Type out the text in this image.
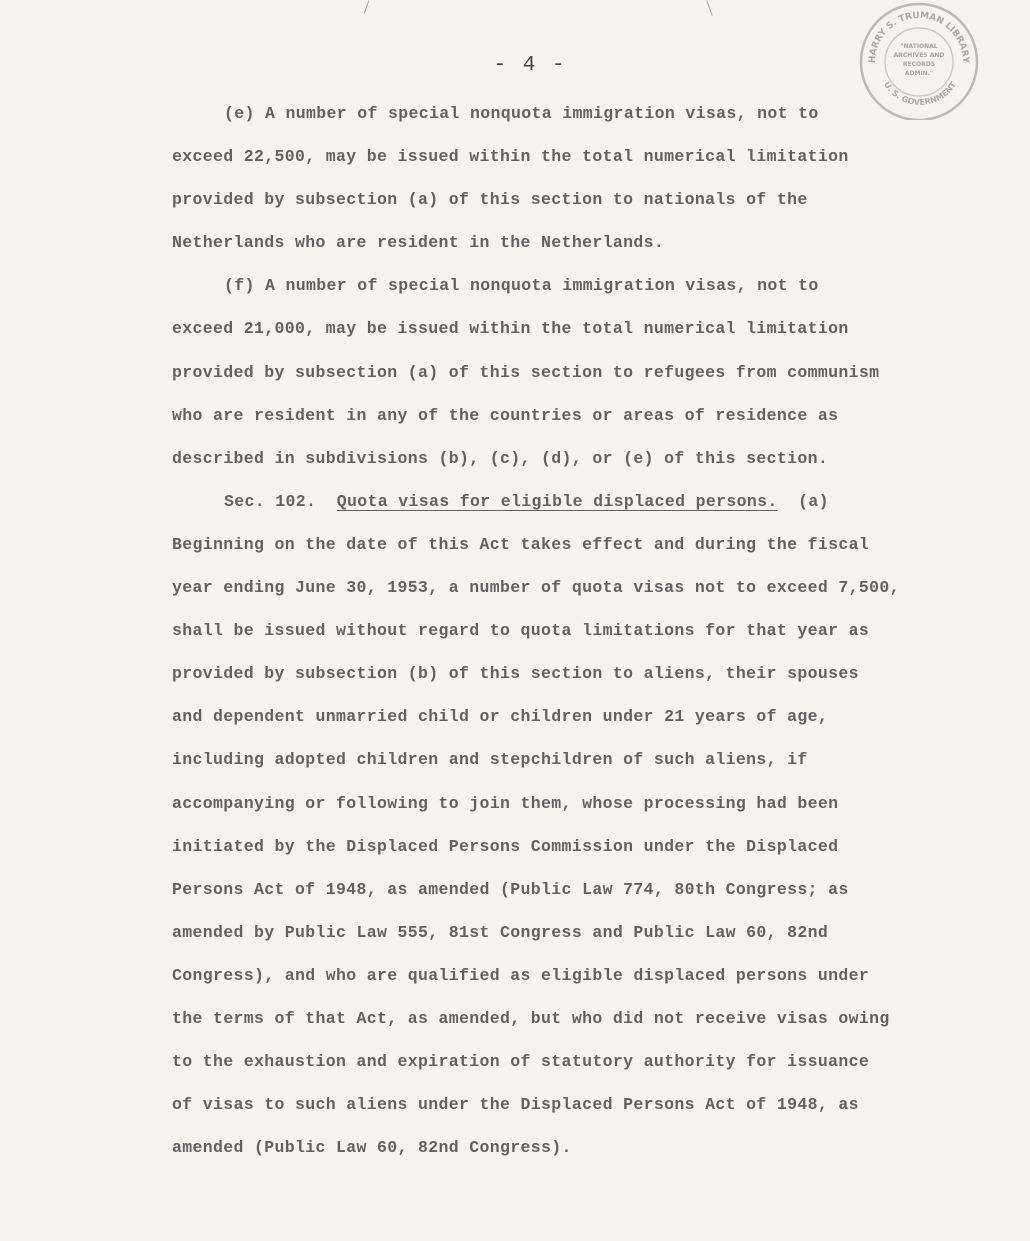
HARRY S. TRUMAN LIBRARY
U. S. GOVERNMENT
"NATIONAL
ARCHIVES AND
RECORDS
ADMIN."
- 4 -
(e) A number of special nonquota immigration visas, not to
exceed 22,500, may be issued within the total numerical limitation
provided by subsection (a) of this section to nationals of the
Netherlands who are resident in the Netherlands.
(f) A number of special nonquota immigration visas, not to
exceed 21,000, may be issued within the total numerical limitation
provided by subsection (a) of this section to refugees from communism
who are resident in any of the countries or areas of residence as
described in subdivisions (b), (c), (d), or (e) of this section.
Sec. 102.  Quota visas for eligible displaced persons.  (a)
Beginning on the date of this Act takes effect and during the fiscal
year ending June 30, 1953, a number of quota visas not to exceed 7,500,
shall be issued without regard to quota limitations for that year as
provided by subsection (b) of this section to aliens, their spouses
and dependent unmarried child or children under 21 years of age,
including adopted children and stepchildren of such aliens, if
accompanying or following to join them, whose processing had been
initiated by the Displaced Persons Commission under the Displaced
Persons Act of 1948, as amended (Public Law 774, 80th Congress; as
amended by Public Law 555, 81st Congress and Public Law 60, 82nd
Congress), and who are qualified as eligible displaced persons under
the terms of that Act, as amended, but who did not receive visas owing
to the exhaustion and expiration of statutory authority for issuance
of visas to such aliens under the Displaced Persons Act of 1948, as
amended (Public Law 60, 82nd Congress).
